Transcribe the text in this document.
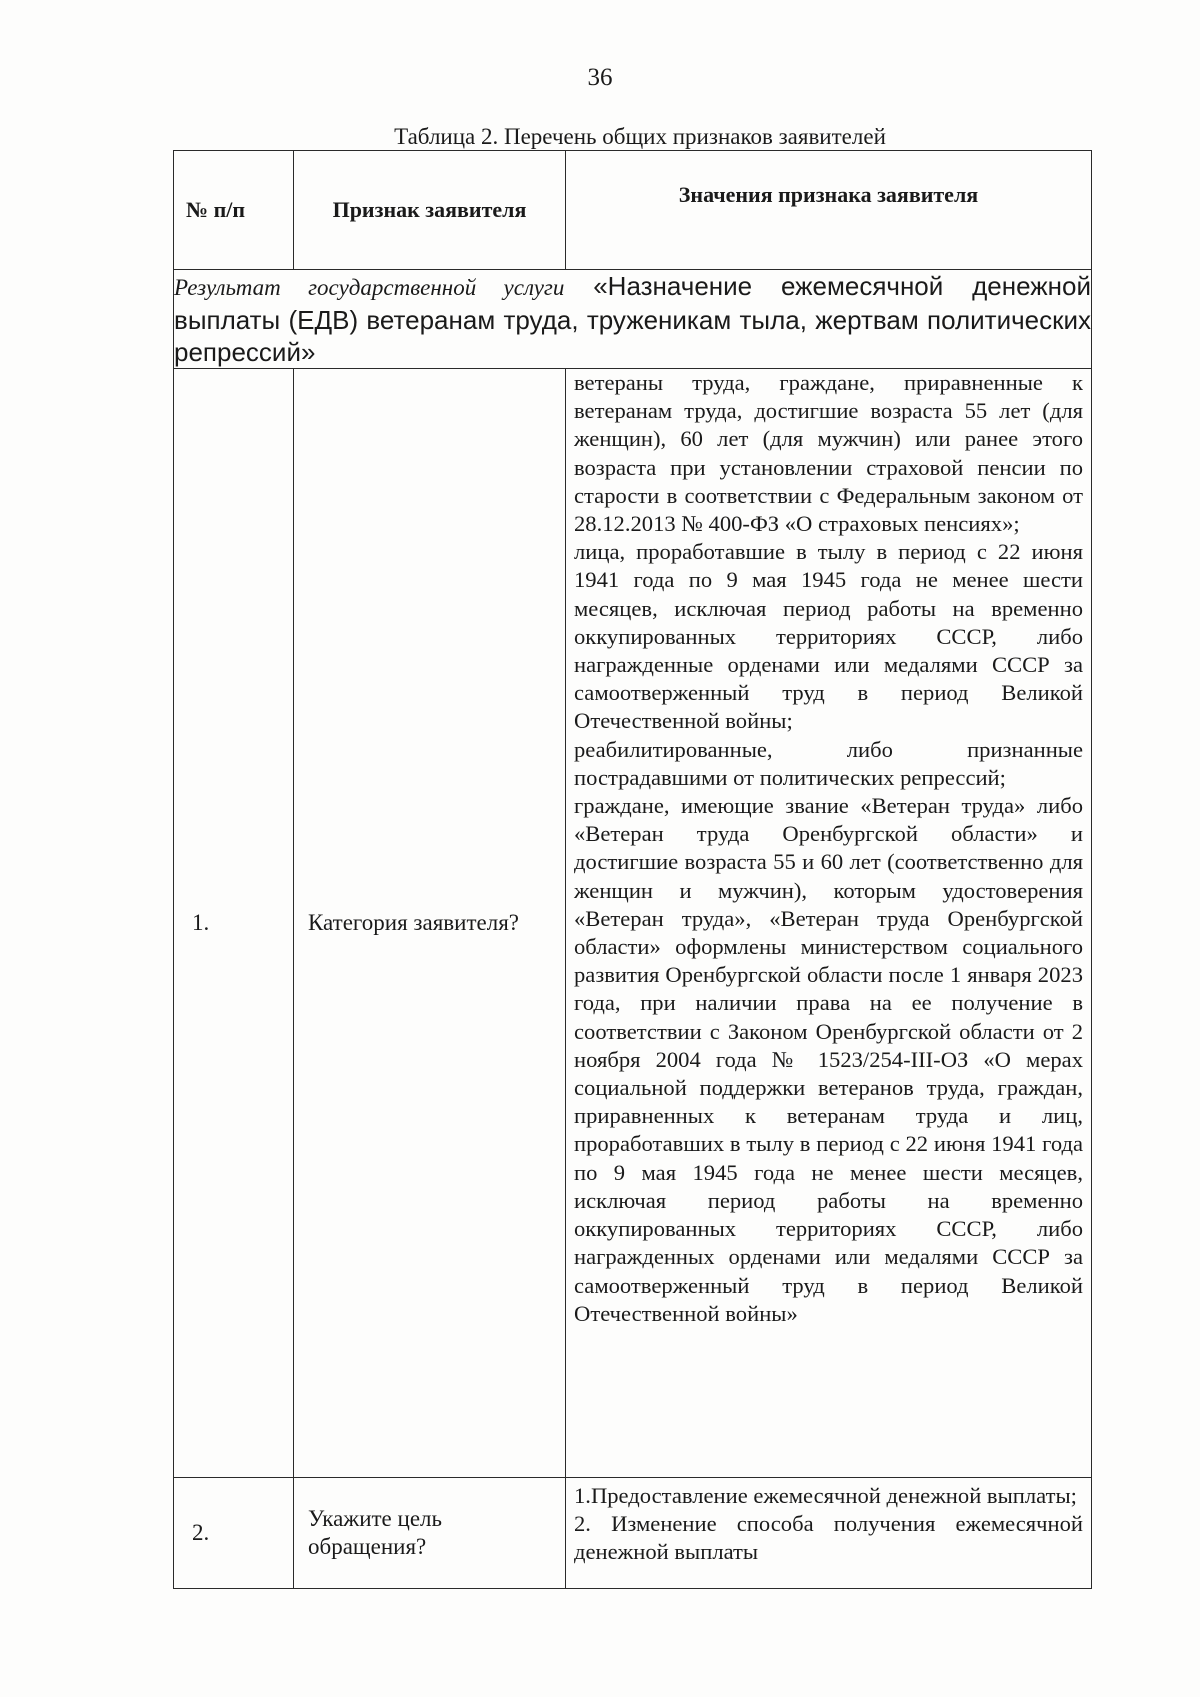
36
Таблица 2. Перечень общих признаков заявителей
№ п/п	Признак заявителя	Значения признака заявителя
Результат государственной услуги «Назначение ежемесячной денежной выплаты (ЕДВ) ветеранам труда, труженикам тыла, жертвам политических репрессий»		
1.	Категория заявителя?	ветераны труда, граждане, приравненные к ветеранам труда, достигшие возраста 55 лет (для женщин), 60 лет (для мужчин) или ранее этого возраста при установлении страховой пенсии по старости в соответствии с Федеральным законом от 28.12.2013 № 400-ФЗ «О страховых пенсиях»;
лица, проработавшие в тылу в период с 22 июня 1941 года по 9 мая 1945 года не менее шести месяцев, исключая период работы на временно оккупированных территориях СССР, либо награжденные орденами или медалями СССР за самоотверженный труд в период Великой Отечественной войны;
реабилитированные, либо признанные пострадавшими от политических репрессий;
граждане, имеющие звание «Ветеран труда» либо «Ветеран труда Оренбургской области» и достигшие возраста 55 и 60 лет (соответственно для женщин и мужчин), которым удостоверения «Ветеран труда», «Ветеран труда Оренбургской области» оформлены министерством социального развития Оренбургской области после 1 января 2023 года, при наличии права на ее получение в соответствии с Законом Оренбургской области от 2 ноября 2004 года № 1523/254-III-ОЗ «О мерах социальной поддержки ветеранов труда, граждан, приравненных к ветеранам труда и лиц, проработавших в тылу в период с 22 июня 1941 года по 9 мая 1945 года не менее шести месяцев, исключая период работы на временно оккупированных территориях СССР, либо награжденных орденами или медалями СССР за самоотверженный труд в период Великой Отечественной войны»

2.	Укажите цель обращения?	1.Предоставление ежемесячной денежной выплаты;
2. Изменение способа получения ежемесячной денежной выплаты
